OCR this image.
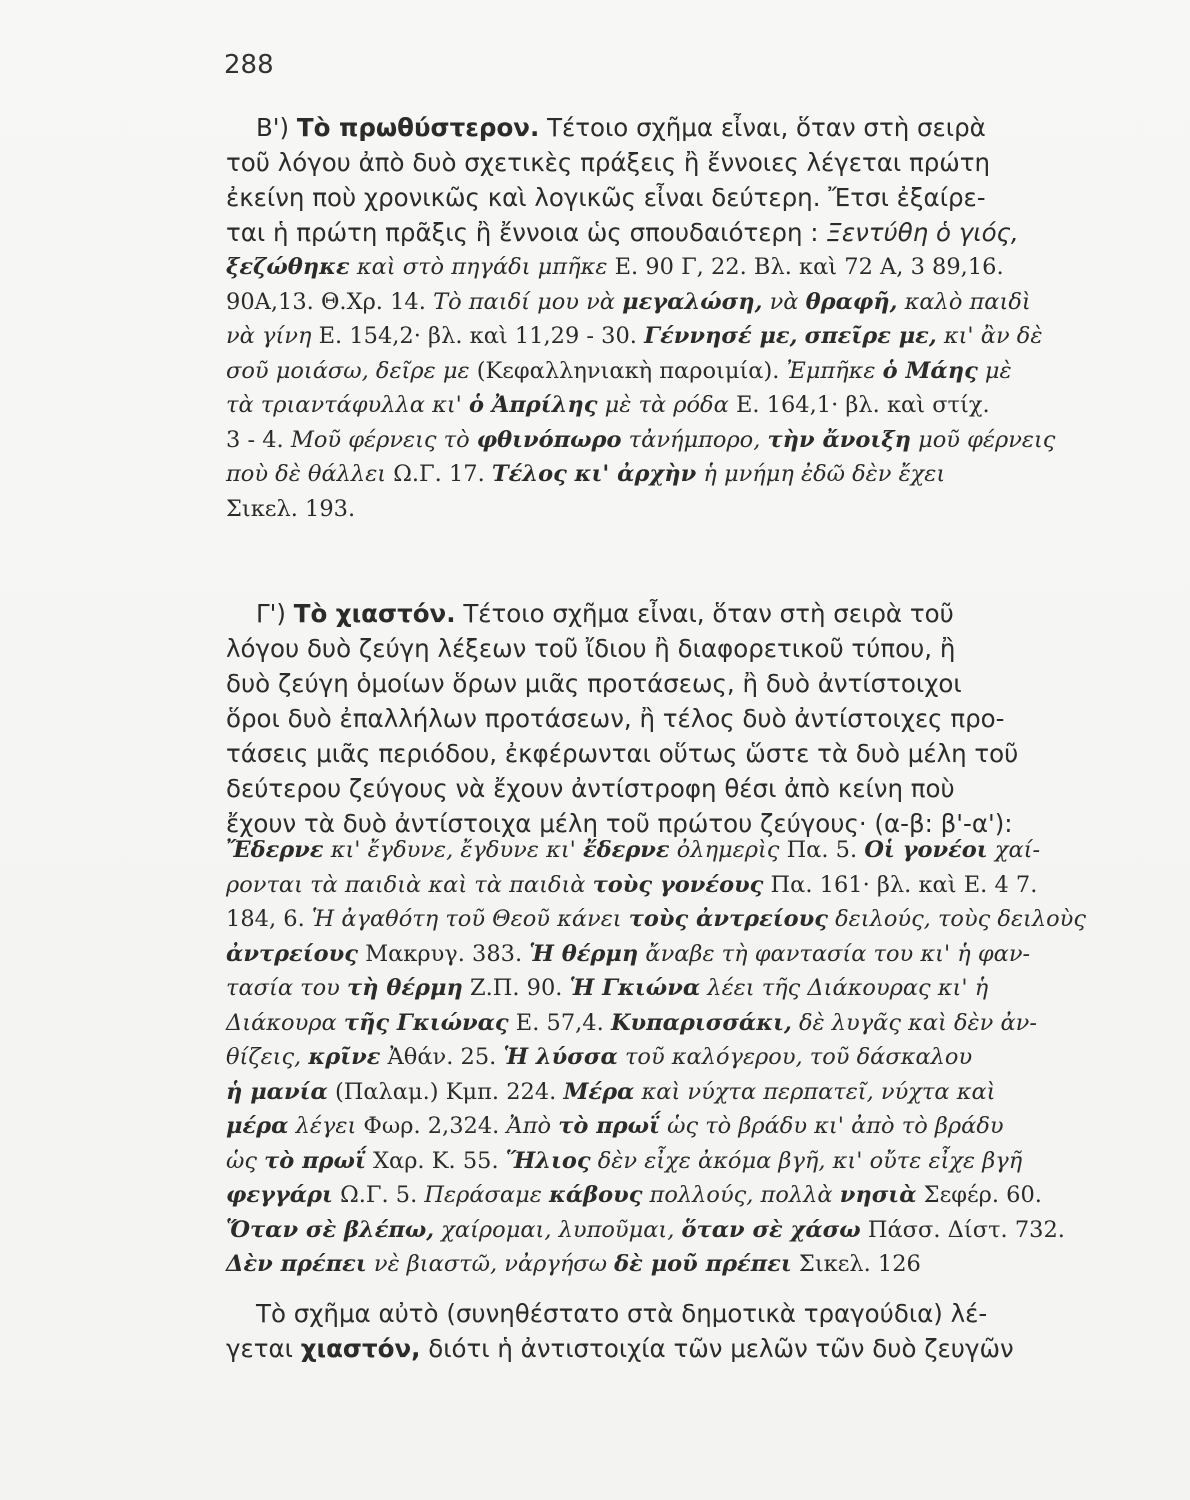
288
Β') Τὸ πρωθύστερον. Τέτοιο σχῆμα εἶναι, ὅταν στὴ σειρὰ
τοῦ λόγου ἀπὸ δυὸ σχετικὲς πράξεις ἢ ἔννοιες λέγεται πρώτη
ἐκείνη ποὺ χρονικῶς καὶ λογικῶς εἶναι δεύτερη. Ἔτσι ἐξαίρε-
ται ἡ πρώτη πρᾶξις ἢ ἔννοια ὡς σπουδαιότερη : Ξεντύθη ὁ γιός,
ξεζώθηκε καὶ στὸ πηγάδι μπῆκε Ε. 90 Γ, 22. Βλ. καὶ 72 Α, 3 89,16.
90Α,13. Θ.Χρ. 14. Τὸ παιδί μου νὰ μεγαλώση, νὰ θραφῆ, καλὸ παιδὶ
νὰ γίνη Ε. 154,2· βλ. καὶ 11,29 - 30. Γέννησέ με, σπεῖρε με, κι' ἂν δὲ
σοῦ μοιάσω, δεῖρε με (Κεφαλληνιακὴ παροιμία). Ἐμπῆκε ὁ Μάης μὲ
τὰ τριαντάφυλλα κι' ὁ Ἀπρίλης μὲ τὰ ρόδα Ε. 164,1· βλ. καὶ στίχ.
3 - 4. Μοῦ φέρνεις τὸ φθινόπωρο τἀνήμπορο, τὴν ἄνοιξη μοῦ φέρνεις
ποὺ δὲ θάλλει Ω.Γ. 17. Τέλος κι' ἀρχὴν ἡ μνήμη ἐδῶ δὲν ἔχει
Σικελ. 193.
Γ') Τὸ χιαστόν. Τέτοιο σχῆμα εἶναι, ὅταν στὴ σειρὰ τοῦ
λόγου δυὸ ζεύγη λέξεων τοῦ ἴδιου ἢ διαφορετικοῦ τύπου, ἢ
δυὸ ζεύγη ὁμοίων ὅρων μιᾶς προτάσεως, ἢ δυὸ ἀντίστοιχοι
ὅροι δυὸ ἐπαλλήλων προτάσεων, ἢ τέλος δυὸ ἀντίστοιχες προ-
τάσεις μιᾶς περιόδου, ἐκφέρωνται οὕτως ὥστε τὰ δυὸ μέλη τοῦ
δεύτερου ζεύγους νὰ ἔχουν ἀντίστροφη θέσι ἀπὸ κείνη ποὺ
ἔχουν τὰ δυὸ ἀντίστοιχα μέλη τοῦ πρώτου ζεύγους· (α-β: β'-α'):
Ἔδερνε κι' ἔγδυνε, ἔγδυνε κι' ἔδερνε ὀλημερὶς Πα. 5. Οἱ γονέοι χαί-
ρονται τὰ παιδιὰ καὶ τὰ παιδιὰ τοὺς γονέους Πα. 161· βλ. καὶ Ε. 4 7.
184, 6. Ἡ ἀγαθότη τοῦ Θεοῦ κάνει τοὺς ἀντρείους δειλούς, τοὺς δειλοὺς
ἀντρείους Μακρυγ. 383. Ἡ θέρμη ἄναβε τὴ φαντασία του κι' ἡ φαν-
τασία του τὴ θέρμη Ζ.Π. 90. Ἡ Γκιώνα λέει τῆς Διάκουρας κι' ἡ
Διάκουρα τῆς Γκιώνας Ε. 57,4. Κυπαρισσάκι, δὲ λυγᾶς καὶ δὲν ἀν-
θίζεις, κρῖνε Ἀθάν. 25. Ἡ λύσσα τοῦ καλόγερου, τοῦ δάσκαλου
ἡ μανία (Παλαμ.) Κμπ. 224. Μέρα καὶ νύχτα περπατεῖ, νύχτα καὶ
μέρα λέγει Φωρ. 2,324. Ἀπὸ τὸ πρωΐ ὡς τὸ βράδυ κι' ἀπὸ τὸ βράδυ
ὡς τὸ πρωΐ Χαρ. Κ. 55. Ἥλιος δὲν εἶχε ἀκόμα βγῆ, κι' οὔτε εἶχε βγῆ
φεγγάρι Ω.Γ. 5. Περάσαμε κάβους πολλούς, πολλὰ νησιὰ Σεφέρ. 60.
Ὅταν σὲ βλέπω, χαίρομαι, λυποῦμαι, ὅταν σὲ χάσω Πάσσ. Δίστ. 732.
Δὲν πρέπει νὲ βιαστῶ, νἀργήσω δὲ μοῦ πρέπει Σικελ. 126
Τὸ σχῆμα αὐτὸ (συνηθέστατο στὰ δημοτικὰ τραγούδια) λέ-
γεται χιαστόν, διότι ἡ ἀντιστοιχία τῶν μελῶν τῶν δυὸ ζευγῶν
